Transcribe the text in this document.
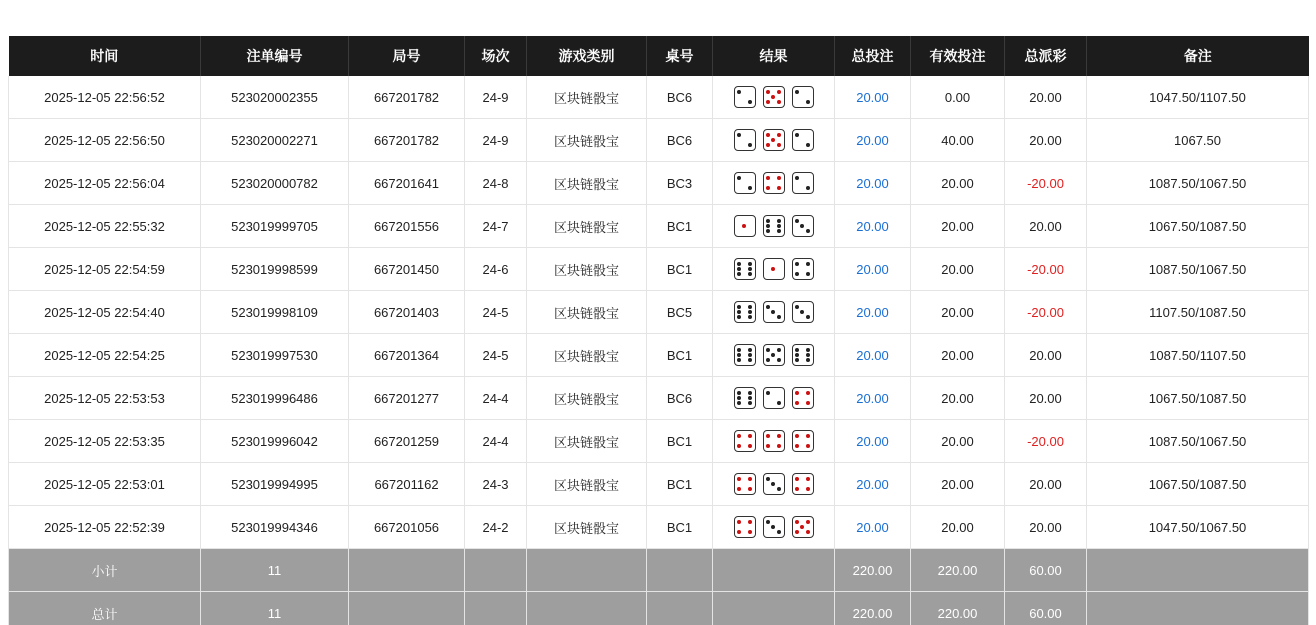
时间	注单编号	局号	场次	游戏类别	桌号	结果	总投注	有效投注	总派彩	备注
2025-12-05 22:56:52	523020002355	667201782	24-9	区块链骰宝	BC6		20.00	0.00	20.00	1047.50/1107.50
2025-12-05 22:56:50	523020002271	667201782	24-9	区块链骰宝	BC6		20.00	40.00	20.00	1067.50
2025-12-05 22:56:04	523020000782	667201641	24-8	区块链骰宝	BC3		20.00	20.00	-20.00	1087.50/1067.50
2025-12-05 22:55:32	523019999705	667201556	24-7	区块链骰宝	BC1		20.00	20.00	20.00	1067.50/1087.50
2025-12-05 22:54:59	523019998599	667201450	24-6	区块链骰宝	BC1		20.00	20.00	-20.00	1087.50/1067.50
2025-12-05 22:54:40	523019998109	667201403	24-5	区块链骰宝	BC5		20.00	20.00	-20.00	1107.50/1087.50
2025-12-05 22:54:25	523019997530	667201364	24-5	区块链骰宝	BC1		20.00	20.00	20.00	1087.50/1107.50
2025-12-05 22:53:53	523019996486	667201277	24-4	区块链骰宝	BC6		20.00	20.00	20.00	1067.50/1087.50
2025-12-05 22:53:35	523019996042	667201259	24-4	区块链骰宝	BC1		20.00	20.00	-20.00	1087.50/1067.50
2025-12-05 22:53:01	523019994995	667201162	24-3	区块链骰宝	BC1		20.00	20.00	20.00	1067.50/1087.50
2025-12-05 22:52:39	523019994346	667201056	24-2	区块链骰宝	BC1		20.00	20.00	20.00	1047.50/1067.50
小计	11						220.00	220.00	60.00	
总计	11						220.00	220.00	60.00	
